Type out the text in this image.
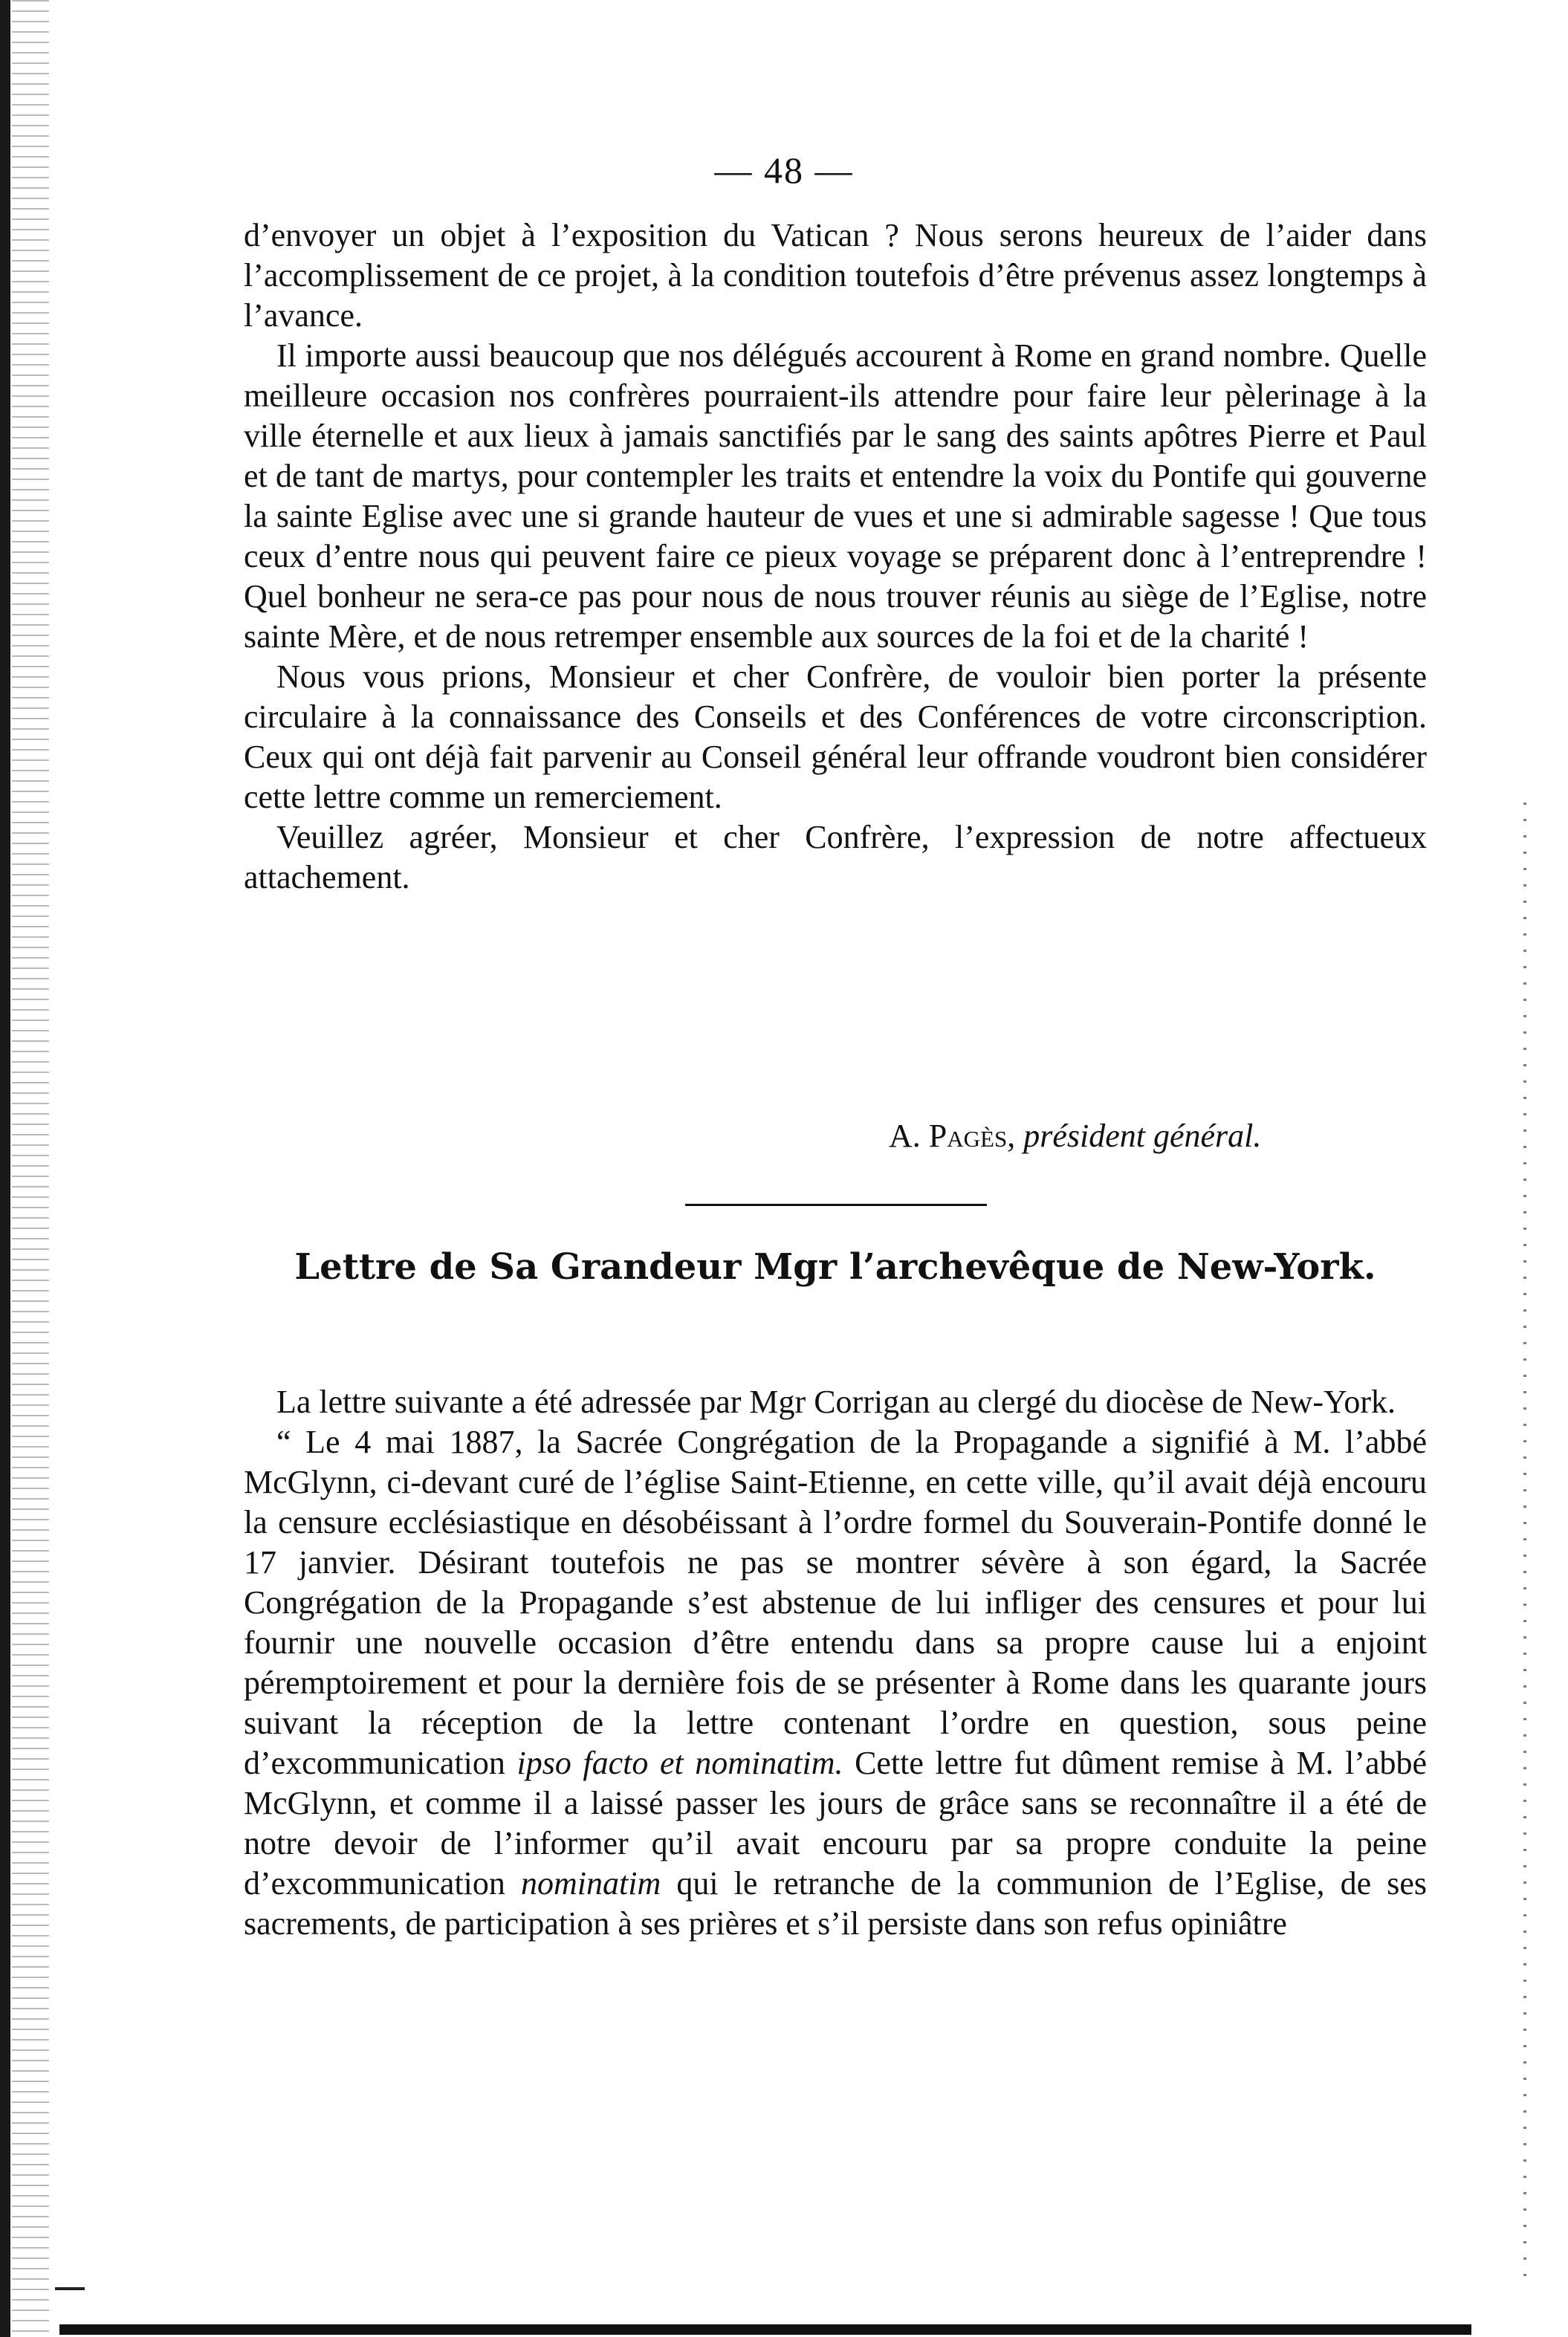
— 48 —

d’envoyer un objet à l’exposition du Vatican ? Nous serons heureux de l’aider dans l’accomplissement de ce projet, à la condition toutefois d’être prévenus assez longtemps à l’avance.

Il importe aussi beaucoup que nos délégués accourent à Rome en grand nombre. Quelle meilleure occasion nos confrères pourraient-ils attendre pour faire leur pèlerinage à la ville éternelle et aux lieux à jamais sanctifiés par le sang des saints apôtres Pierre et Paul et de tant de martys, pour contempler les traits et entendre la voix du Pontife qui gouverne la sainte Eglise avec une si grande hauteur de vues et une si admirable sagesse ! Que tous ceux d’entre nous qui peuvent faire ce pieux voyage se préparent donc à l’entreprendre ! Quel bonheur ne sera-ce pas pour nous de nous trouver réunis au siège de l’Eglise, notre sainte Mère, et de nous retremper ensemble aux sources de la foi et de la charité !

Nous vous prions, Monsieur et cher Confrère, de vouloir bien porter la présente circulaire à la connaissance des Conseils et des Conférences de votre circonscription. Ceux qui ont déjà fait parvenir au Conseil général leur offrande voudront bien considérer cette lettre comme un remerciement.

Veuillez agréer, Monsieur et cher Confrère, l’expression de notre affectueux attachement.

A. Pagès, président général.
Lettre de Sa Grandeur Mgr l’archevêque de New-York.

La lettre suivante a été adressée par Mgr Corrigan au clergé du diocèse de New-York.

“ Le 4 mai 1887, la Sacrée Congrégation de la Propagande a signifié à M. l’abbé McGlynn, ci-devant curé de l’église Saint-Etienne, en cette ville, qu’il avait déjà encouru la censure ecclésiastique en désobéissant à l’ordre formel du Souverain-Pontife donné le 17 janvier. Désirant toutefois ne pas se montrer sévère à son égard, la Sacrée Congrégation de la Propagande s’est abstenue de lui infliger des censures et pour lui fournir une nouvelle occasion d’être entendu dans sa propre cause lui a enjoint péremptoirement et pour la dernière fois de se présenter à Rome dans les quarante jours suivant la réception de la lettre contenant l’ordre en question, sous peine d’excommunication ipso facto et nominatim. Cette lettre fut dûment remise à M. l’abbé McGlynn, et comme il a laissé passer les jours de grâce sans se reconnaître il a été de notre devoir de l’informer qu’il avait encouru par sa propre conduite la peine d’excommunication nominatim qui le retranche de la communion de l’Eglise, de ses sacrements, de participation à ses prières et s’il persiste dans son refus opiniâtre
